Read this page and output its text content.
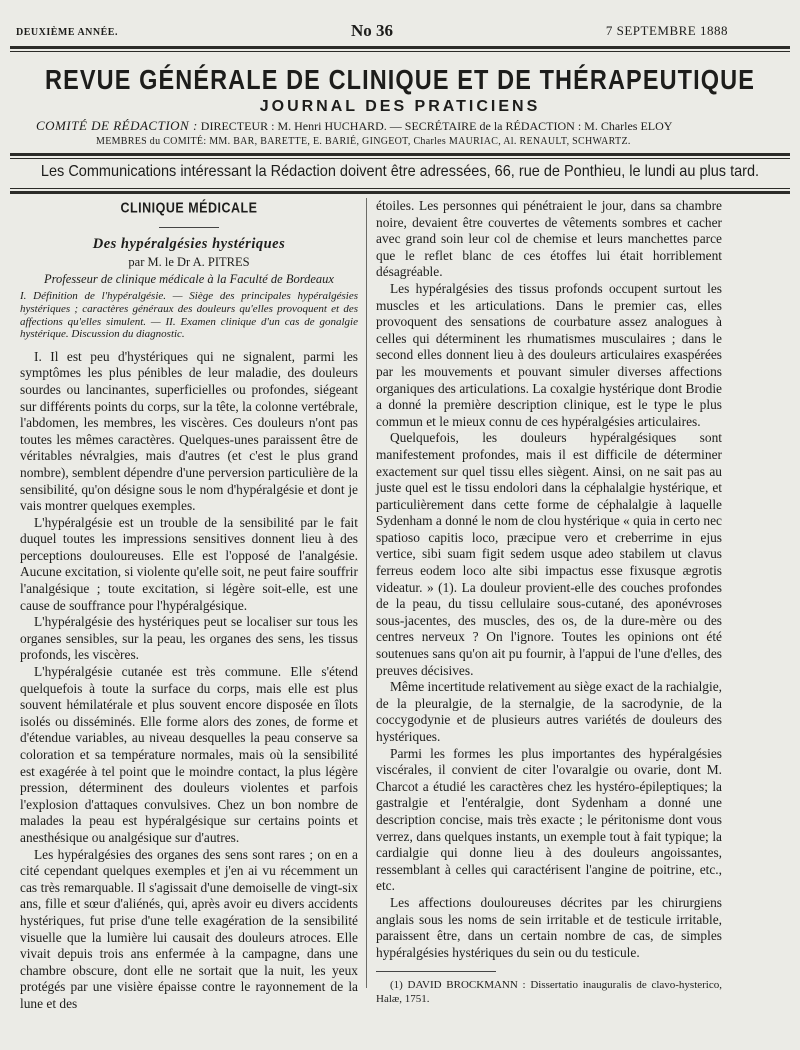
DEUXIÈME ANNÉE.	No 36	7 SEPTEMBRE 1888
REVUE GÉNÉRALE DE CLINIQUE ET DE THÉRAPEUTIQUE
JOURNAL DES PRATICIENS
COMITÉ DE RÉDACTION : DIRECTEUR : M. Henri HUCHARD. — SECRÉTAIRE de la RÉDACTION : M. Charles ELOY
MEMBRES du COMITÉ: MM. BAR, BARETTE, E. BARIÉ, GINGEOT, Charles MAURIAC, Al. RENAULT, SCHWARTZ.
Les Communications intéressant la Rédaction doivent être adressées, 66, rue de Ponthieu, le lundi au plus tard.
CLINIQUE MÉDICALE
Des hypéralgésies hystériques
par M. le Dr A. PITRES
Professeur de clinique médicale à la Faculté de Bordeaux
I. Définition de l'hypéralgésie. — Siège des principales hypéralgésies hystériques ; caractères généraux des douleurs qu'elles provoquent et des affections qu'elles simulent. — II. Examen clinique d'un cas de gonalgie hystérique. Discussion du diagnostic.

I. Il est peu d'hystériques qui ne signalent, parmi les symptômes les plus pénibles de leur maladie, des douleurs sourdes ou lancinantes, superficielles ou profondes, siégeant sur différents points du corps, sur la tête, la colonne vertébrale, l'abdomen, les membres, les viscères. Ces douleurs n'ont pas toutes les mêmes caractères. Quelques-unes paraissent être de véritables névralgies, mais d'autres (et c'est le plus grand nombre), semblent dépendre d'une perversion particulière de la sensibilité, qu'on désigne sous le nom d'hypéralgésie et dont je vais montrer quelques exemples.

L'hypéralgésie est un trouble de la sensibilité par le fait duquel toutes les impressions sensitives donnent lieu à des perceptions douloureuses. Elle est l'opposé de l'analgésie. Aucune excitation, si violente qu'elle soit, ne peut faire souffrir l'analgésique ; toute excitation, si légère soit-elle, est une cause de souffrance pour l'hypéralgésique.

L'hypéralgésie des hystériques peut se localiser sur tous les organes sensibles, sur la peau, les organes des sens, les tissus profonds, les viscères.

L'hypéralgésie cutanée est très commune. Elle s'étend quelquefois à toute la surface du corps, mais elle est plus souvent hémilatérale et plus souvent encore disposée en îlots isolés ou disséminés. Elle forme alors des zones, de forme et d'étendue variables, au niveau desquelles la peau conserve sa coloration et sa température normales, mais où la sensibilité est exagérée à tel point que le moindre contact, la plus légère pression, déterminent des douleurs violentes et parfois l'explosion d'attaques convulsives. Chez un bon nombre de malades la peau est hypéralgésique sur certains points et anesthésique ou analgésique sur d'autres.

Les hypéralgésies des organes des sens sont rares ; on en a cité cependant quelques exemples et j'en ai vu récemment un cas très remarquable. Il s'agissait d'une demoiselle de vingt-six ans, fille et sœur d'aliénés, qui, après avoir eu divers accidents hystériques, fut prise d'une telle exagération de la sensibilité visuelle que la lumière lui causait des douleurs atroces. Elle vivait depuis trois ans enfermée à la campagne, dans une chambre obscure, dont elle ne sortait que la nuit, les yeux protégés par une visière épaisse contre le rayonnement de la lune et des

étoiles. Les personnes qui pénétraient le jour, dans sa chambre noire, devaient être couvertes de vêtements sombres et cacher avec grand soin leur col de chemise et leurs manchettes parce que le reflet blanc de ces étoffes lui était horriblement désagréable.

Les hypéralgésies des tissus profonds occupent surtout les muscles et les articulations. Dans le premier cas, elles provoquent des sensations de courbature assez analogues à celles qui déterminent les rhumatismes musculaires ; dans le second elles donnent lieu à des douleurs articulaires exaspérées par les mouvements et pouvant simuler diverses affections organiques des articulations. La coxalgie hystérique dont Brodie a donné la première description clinique, est le type le plus commun et le mieux connu de ces hypéralgésies articulaires.

Quelquefois, les douleurs hypéralgésiques sont manifestement profondes, mais il est difficile de déterminer exactement sur quel tissu elles siègent. Ainsi, on ne sait pas au juste quel est le tissu endolori dans la céphalalgie hystérique, et particulièrement dans cette forme de céphalalgie à laquelle Sydenham a donné le nom de clou hystérique « quia in certo nec spatioso capitis loco, præcipue vero et creberrime in ejus vertice, sibi suam figit sedem usque adeo stabilem ut clavus ferreus eodem loco alte sibi impactus esse fixusque ægrotis videatur. » (1). La douleur provient-elle des couches profondes de la peau, du tissu cellulaire sous-cutané, des aponévroses sous-jacentes, des muscles, des os, de la dure-mère ou des centres nerveux ? On l'ignore. Toutes les opinions ont été soutenues sans qu'on ait pu fournir, à l'appui de l'une d'elles, des preuves décisives.

Même incertitude relativement au siège exact de la rachialgie, de la pleuralgie, de la sternalgie, de la sacrodynie, de la coccygodynie et de plusieurs autres variétés de douleurs des hystériques.

Parmi les formes les plus importantes des hypéralgésies viscérales, il convient de citer l'ovaralgie ou ovarie, dont M. Charcot a étudié les caractères chez les hystéro-épileptiques; la gastralgie et l'entéralgie, dont Sydenham a donné une description concise, mais très exacte ; le péritonisme dont vous verrez, dans quelques instants, un exemple tout à fait typique; la cardialgie qui donne lieu à des douleurs angoissantes, ressemblant à celles qui caractérisent l'angine de poitrine, etc., etc.

Les affections douloureuses décrites par les chirurgiens anglais sous les noms de sein irritable et de testicule irritable, paraissent être, dans un certain nombre de cas, de simples hypéralgésies hystériques du sein ou du testicule.

(1) DAVID BROCKMANN : Dissertatio inauguralis de clavo-hysterico, Halæ, 1751.
